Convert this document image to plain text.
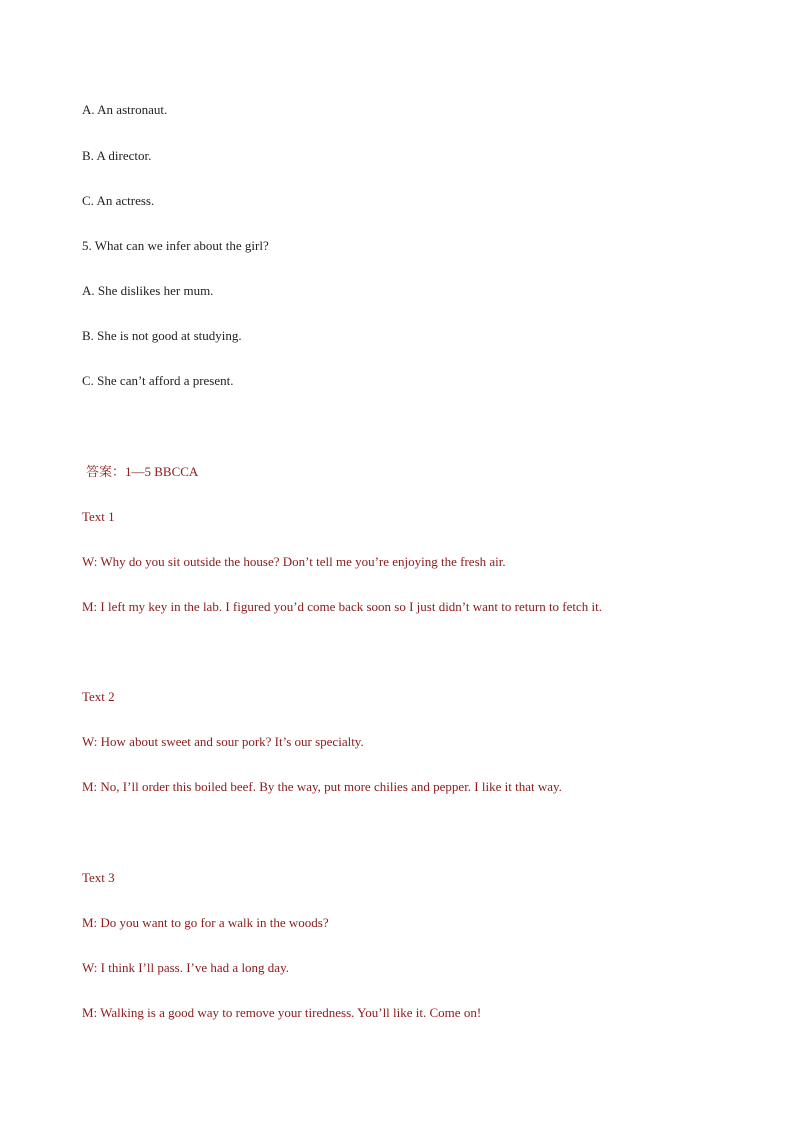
A. An astronaut.
B. A director.
C. An actress.
5. What can we infer about the girl?
A. She dislikes her mum.
B. She is not good at studying.
C. She can’t afford a present.
答案：1—5 BBCCA
Text 1
W: Why do you sit outside the house? Don’t tell me you’re enjoying the fresh air.
M: I left my key in the lab. I figured you’d come back soon so I just didn’t want to return to fetch it.
Text 2
W: How about sweet and sour pork? It’s our specialty.
M: No, I’ll order this boiled beef. By the way, put more chilies and pepper. I like it that way.
Text 3
M: Do you want to go for a walk in the woods?
W: I think I’ll pass. I’ve had a long day.
M: Walking is a good way to remove your tiredness. You’ll like it. Come on!
